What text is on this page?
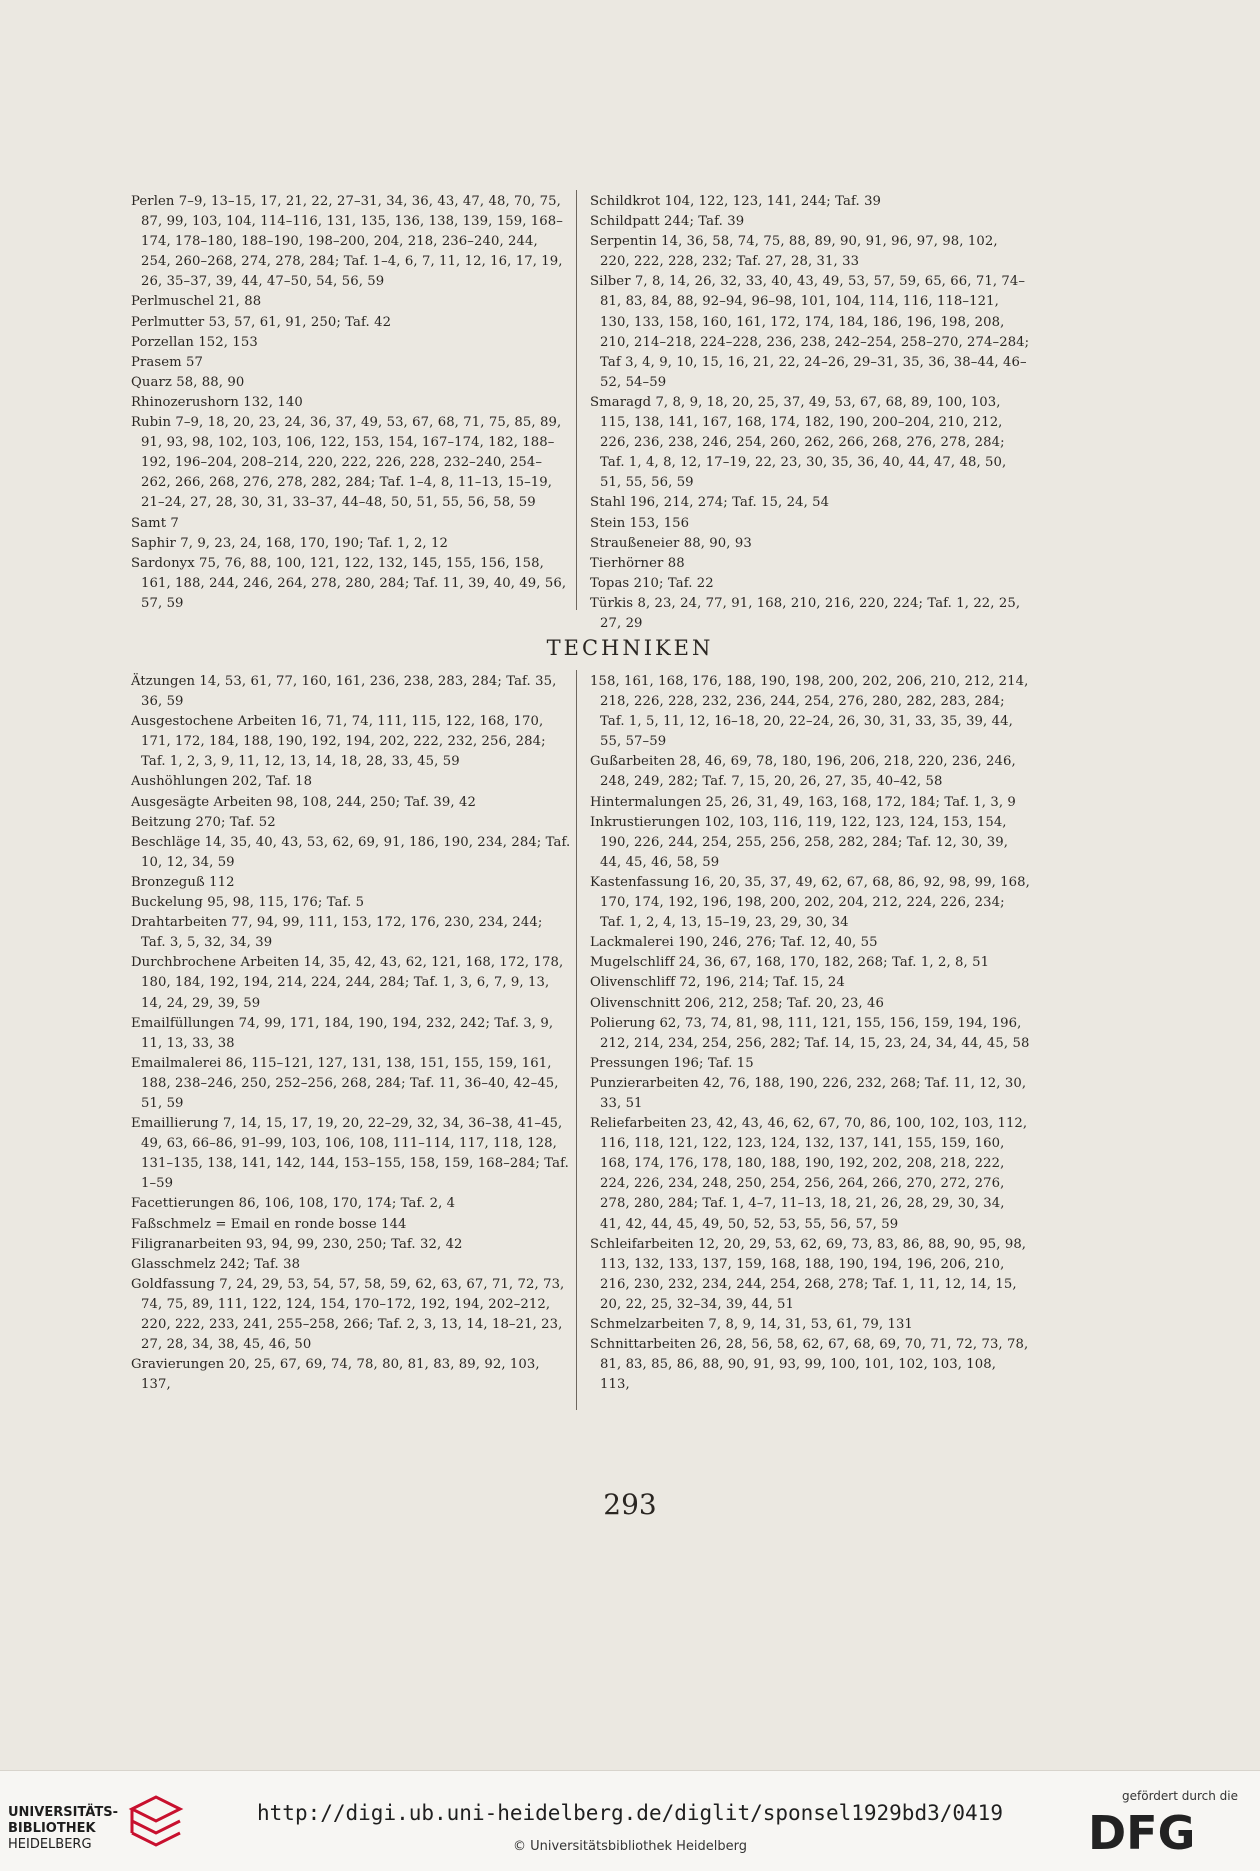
Perlen 7–9, 13–15, 17, 21, 22, 27–31, 34, 36, 43, 47, 48, 70, 75, 87, 99, 103, 104, 114–116, 131, 135, 136, 138, 139, 159, 168–174, 178–180, 188–190, 198–200, 204, 218, 236–240, 244, 254, 260–268, 274, 278, 284; Taf. 1–4, 6, 7, 11, 12, 16, 17, 19, 26, 35–37, 39, 44, 47–50, 54, 56, 59
Perlmuschel 21, 88
Perlmutter 53, 57, 61, 91, 250; Taf. 42
Porzellan 152, 153
Prasem 57
Quarz 58, 88, 90
Rhinozerushorn 132, 140
Rubin 7–9, 18, 20, 23, 24, 36, 37, 49, 53, 67, 68, 71, 75, 85, 89, 91, 93, 98, 102, 103, 106, 122, 153, 154, 167–174, 182, 188–192, 196–204, 208–214, 220, 222, 226, 228, 232–240, 254–262, 266, 268, 276, 278, 282, 284; Taf. 1–4, 8, 11–13, 15–19, 21–24, 27, 28, 30, 31, 33–37, 44–48, 50, 51, 55, 56, 58, 59
Samt 7
Saphir 7, 9, 23, 24, 168, 170, 190; Taf. 1, 2, 12
Sardonyx 75, 76, 88, 100, 121, 122, 132, 145, 155, 156, 158, 161, 188, 244, 246, 264, 278, 280, 284; Taf. 11, 39, 40, 49, 56, 57, 59
Schildkrot 104, 122, 123, 141, 244; Taf. 39
Schildpatt 244; Taf. 39
Serpentin 14, 36, 58, 74, 75, 88, 89, 90, 91, 96, 97, 98, 102, 220, 222, 228, 232; Taf. 27, 28, 31, 33
Silber 7, 8, 14, 26, 32, 33, 40, 43, 49, 53, 57, 59, 65, 66, 71, 74–81, 83, 84, 88, 92–94, 96–98, 101, 104, 114, 116, 118–121, 130, 133, 158, 160, 161, 172, 174, 184, 186, 196, 198, 208, 210, 214–218, 224–228, 236, 238, 242–254, 258–270, 274–284; Taf 3, 4, 9, 10, 15, 16, 21, 22, 24–26, 29–31, 35, 36, 38–44, 46–52, 54–59
Smaragd 7, 8, 9, 18, 20, 25, 37, 49, 53, 67, 68, 89, 100, 103, 115, 138, 141, 167, 168, 174, 182, 190, 200–204, 210, 212, 226, 236, 238, 246, 254, 260, 262, 266, 268, 276, 278, 284; Taf. 1, 4, 8, 12, 17–19, 22, 23, 30, 35, 36, 40, 44, 47, 48, 50, 51, 55, 56, 59
Stahl 196, 214, 274; Taf. 15, 24, 54
Stein 153, 156
Straußeneier 88, 90, 93
Tierhörner 88
Topas 210; Taf. 22
Türkis 8, 23, 24, 77, 91, 168, 210, 216, 220, 224; Taf. 1, 22, 25, 27, 29
TECHNIKEN
Ätzungen 14, 53, 61, 77, 160, 161, 236, 238, 283, 284; Taf. 35, 36, 59
Ausgestochene Arbeiten 16, 71, 74, 111, 115, 122, 168, 170, 171, 172, 184, 188, 190, 192, 194, 202, 222, 232, 256, 284; Taf. 1, 2, 3, 9, 11, 12, 13, 14, 18, 28, 33, 45, 59
Aushöhlungen 202, Taf. 18
Ausgesägte Arbeiten 98, 108, 244, 250; Taf. 39, 42
Beitzung 270; Taf. 52
Beschläge 14, 35, 40, 43, 53, 62, 69, 91, 186, 190, 234, 284; Taf. 10, 12, 34, 59
Bronzeguß 112
Buckelung 95, 98, 115, 176; Taf. 5
Drahtarbeiten 77, 94, 99, 111, 153, 172, 176, 230, 234, 244; Taf. 3, 5, 32, 34, 39
Durchbrochene Arbeiten 14, 35, 42, 43, 62, 121, 168, 172, 178, 180, 184, 192, 194, 214, 224, 244, 284; Taf. 1, 3, 6, 7, 9, 13, 14, 24, 29, 39, 59
Emailfüllungen 74, 99, 171, 184, 190, 194, 232, 242; Taf. 3, 9, 11, 13, 33, 38
Emailmalerei 86, 115–121, 127, 131, 138, 151, 155, 159, 161, 188, 238–246, 250, 252–256, 268, 284; Taf. 11, 36–40, 42–45, 51, 59
Emaillierung 7, 14, 15, 17, 19, 20, 22–29, 32, 34, 36–38, 41–45, 49, 63, 66–86, 91–99, 103, 106, 108, 111–114, 117, 118, 128, 131–135, 138, 141, 142, 144, 153–155, 158, 159, 168–284; Taf. 1–59
Facettierungen 86, 106, 108, 170, 174; Taf. 2, 4
Faßschmelz = Email en ronde bosse 144
Filigranarbeiten 93, 94, 99, 230, 250; Taf. 32, 42
Glasschmelz 242; Taf. 38
Goldfassung 7, 24, 29, 53, 54, 57, 58, 59, 62, 63, 67, 71, 72, 73, 74, 75, 89, 111, 122, 124, 154, 170–172, 192, 194, 202–212, 220, 222, 233, 241, 255–258, 266; Taf. 2, 3, 13, 14, 18–21, 23, 27, 28, 34, 38, 45, 46, 50
Gravierungen 20, 25, 67, 69, 74, 78, 80, 81, 83, 89, 92, 103, 137,
158, 161, 168, 176, 188, 190, 198, 200, 202, 206, 210, 212, 214, 218, 226, 228, 232, 236, 244, 254, 276, 280, 282, 283, 284; Taf. 1, 5, 11, 12, 16–18, 20, 22–24, 26, 30, 31, 33, 35, 39, 44, 55, 57–59
Gußarbeiten 28, 46, 69, 78, 180, 196, 206, 218, 220, 236, 246, 248, 249, 282; Taf. 7, 15, 20, 26, 27, 35, 40–42, 58
Hintermalungen 25, 26, 31, 49, 163, 168, 172, 184; Taf. 1, 3, 9
Inkrustierungen 102, 103, 116, 119, 122, 123, 124, 153, 154, 190, 226, 244, 254, 255, 256, 258, 282, 284; Taf. 12, 30, 39, 44, 45, 46, 58, 59
Kastenfassung 16, 20, 35, 37, 49, 62, 67, 68, 86, 92, 98, 99, 168, 170, 174, 192, 196, 198, 200, 202, 204, 212, 224, 226, 234; Taf. 1, 2, 4, 13, 15–19, 23, 29, 30, 34
Lackmalerei 190, 246, 276; Taf. 12, 40, 55
Mugelschliff 24, 36, 67, 168, 170, 182, 268; Taf. 1, 2, 8, 51
Olivenschliff 72, 196, 214; Taf. 15, 24
Olivenschnitt 206, 212, 258; Taf. 20, 23, 46
Polierung 62, 73, 74, 81, 98, 111, 121, 155, 156, 159, 194, 196, 212, 214, 234, 254, 256, 282; Taf. 14, 15, 23, 24, 34, 44, 45, 58
Pressungen 196; Taf. 15
Punzierarbeiten 42, 76, 188, 190, 226, 232, 268; Taf. 11, 12, 30, 33, 51
Reliefarbeiten 23, 42, 43, 46, 62, 67, 70, 86, 100, 102, 103, 112, 116, 118, 121, 122, 123, 124, 132, 137, 141, 155, 159, 160, 168, 174, 176, 178, 180, 188, 190, 192, 202, 208, 218, 222, 224, 226, 234, 248, 250, 254, 256, 264, 266, 270, 272, 276, 278, 280, 284; Taf. 1, 4–7, 11–13, 18, 21, 26, 28, 29, 30, 34, 41, 42, 44, 45, 49, 50, 52, 53, 55, 56, 57, 59
Schleifarbeiten 12, 20, 29, 53, 62, 69, 73, 83, 86, 88, 90, 95, 98, 113, 132, 133, 137, 159, 168, 188, 190, 194, 196, 206, 210, 216, 230, 232, 234, 244, 254, 268, 278; Taf. 1, 11, 12, 14, 15, 20, 22, 25, 32–34, 39, 44, 51
Schmelzarbeiten 7, 8, 9, 14, 31, 53, 61, 79, 131
Schnittarbeiten 26, 28, 56, 58, 62, 67, 68, 69, 70, 71, 72, 73, 78, 81, 83, 85, 86, 88, 90, 91, 93, 99, 100, 101, 102, 103, 108, 113,
293
UNIVERSITÄTS-
BIBLIOTHEK
HEIDELBERG
http://digi.ub.uni-heidelberg.de/diglit/sponsel1929bd3/0419
© Universitätsbibliothek Heidelberg
gefördert durch die
DFG
